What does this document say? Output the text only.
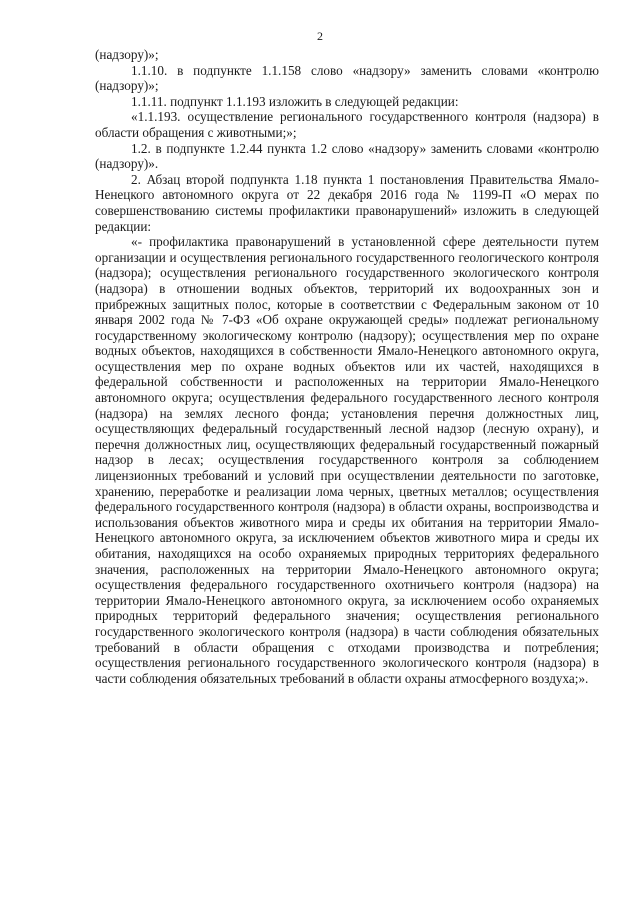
2

(надзору)»;

1.1.10. в подпункте 1.1.158 слово «надзору» заменить словами «контролю (надзору)»;

1.1.11. подпункт 1.1.193 изложить в следующей редакции:

«1.1.193. осуществление регионального государственного контроля (надзора) в области обращения с животными;»;

1.2. в подпункте 1.2.44 пункта 1.2 слово «надзору» заменить словами «контролю (надзору)».

2. Абзац второй подпункта 1.18 пункта 1 постановления Правительства Ямало-Ненецкого автономного округа от 22 декабря 2016 года № 1199-П «О мерах по совершенствованию системы профилактики правонарушений» изложить в следующей редакции:

«- профилактика правонарушений в установленной сфере деятельности путем организации и осуществления регионального государственного геологического контроля (надзора); осуществления регионального государственного экологического контроля (надзора) в отношении водных объектов, территорий их водоохранных зон и прибрежных защитных полос, которые в соответствии с Федеральным законом от 10 января 2002 года № 7-ФЗ «Об охране окружающей среды» подлежат региональному государственному экологическому контролю (надзору); осуществления мер по охране водных объектов, находящихся в собственности Ямало-Ненецкого автономного округа, осуществления мер по охране водных объектов или их частей, находящихся в федеральной собственности и расположенных на территории Ямало-Ненецкого автономного округа; осуществления федерального государственного лесного контроля (надзора) на землях лесного фонда; установления перечня должностных лиц, осуществляющих федеральный государственный лесной надзор (лесную охрану), и перечня должностных лиц, осуществляющих федеральный государственный пожарный надзор в лесах; осуществления государственного контроля за соблюдением лицензионных требований и условий при осуществлении деятельности по заготовке, хранению, переработке и реализации лома черных, цветных металлов; осуществления федерального государственного контроля (надзора) в области охраны, воспроизводства и использования объектов животного мира и среды их обитания на территории Ямало-Ненецкого автономного округа, за исключением объектов животного мира и среды их обитания, находящихся на особо охраняемых природных территориях федерального значения, расположенных на территории Ямало-Ненецкого автономного округа; осуществления федерального государственного охотничьего контроля (надзора) на территории Ямало-Ненецкого автономного округа, за исключением особо охраняемых природных территорий федерального значения; осуществления регионального государственного экологического контроля (надзора) в части соблюдения обязательных требований в области обращения с отходами производства и потребления; осуществления регионального государственного экологического контроля (надзора) в части соблюдения обязательных требований в области охраны атмосферного воздуха;».
